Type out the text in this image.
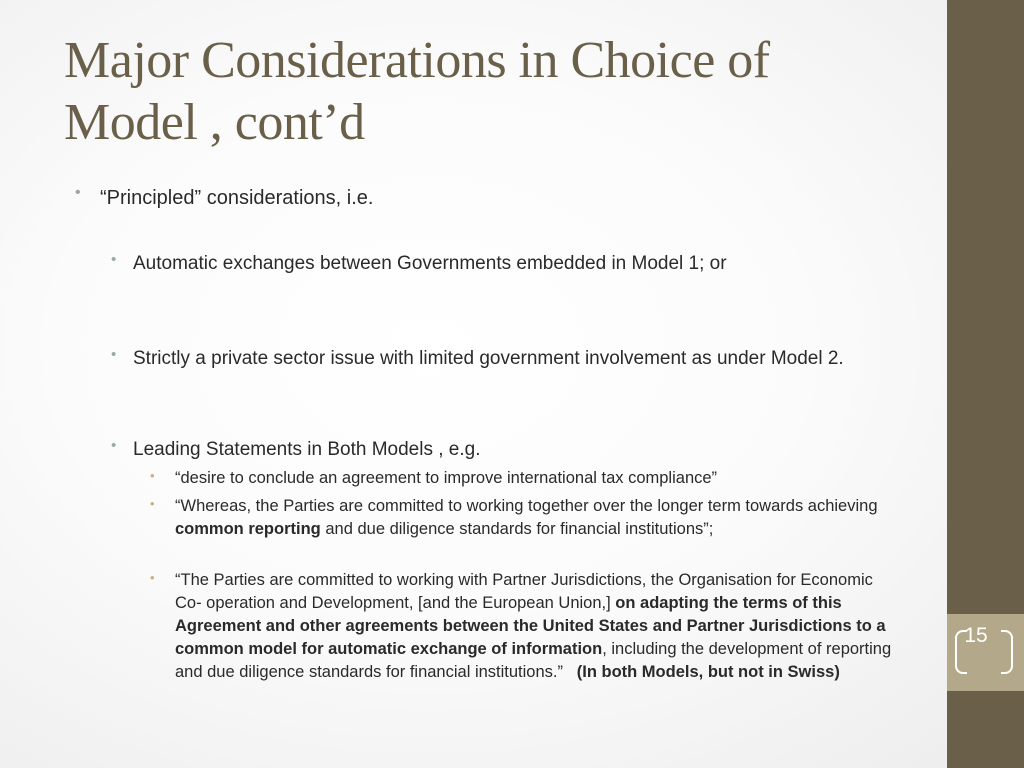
15
Major Considerations in Choice of
Model , cont’d
• “Principled” considerations, i.e.

• Automatic exchanges between Governments embedded in Model 1; or

• Strictly a private sector issue with limited government involvement as under Model 2.

• Leading Statements in Both Models , e.g.

• “desire to conclude an agreement to improve international tax compliance”

• “Whereas, the Parties are committed to working together over the longer term towards achieving common reporting and due diligence standards for financial institutions”;

• “The Parties are committed to working with Partner Jurisdictions, the Organisation for Economic Co- operation and Development, [and the European Union,] on adapting the terms of this Agreement and other agreements between the United States and Partner Jurisdictions to a common model for automatic exchange of information, including the development of reporting and due diligence standards for financial institutions.” (In both Models, but not in Swiss)
